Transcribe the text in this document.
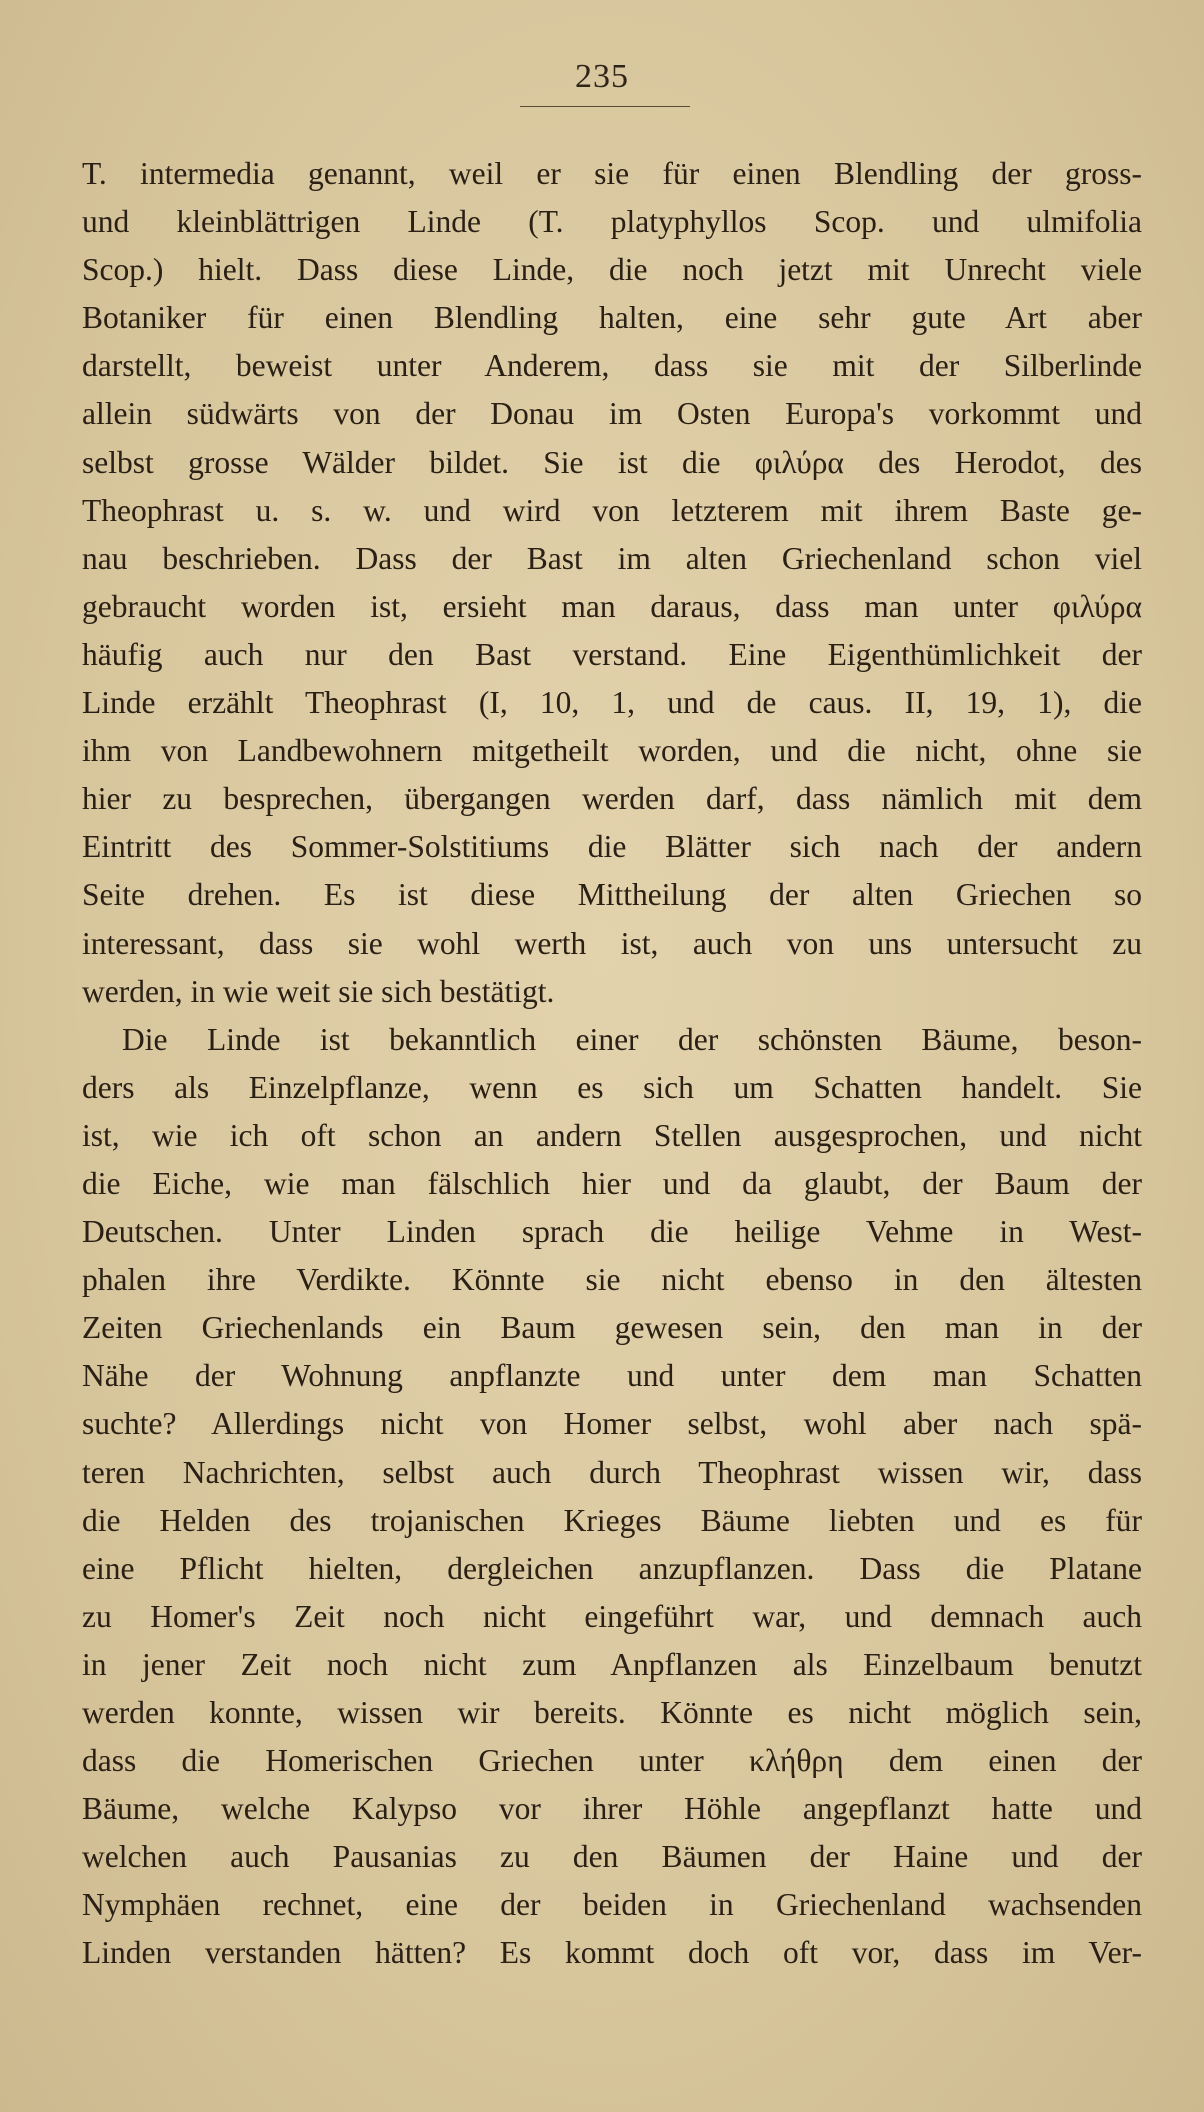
235
T. intermedia genannt, weil er sie für einen Blendling der gross-
und kleinblättrigen Linde (T. platyphyllos Scop. und ulmifolia
Scop.) hielt. Dass diese Linde, die noch jetzt mit Unrecht viele
Botaniker für einen Blendling halten, eine sehr gute Art aber
darstellt, beweist unter Anderem, dass sie mit der Silberlinde
allein südwärts von der Donau im Osten Europa's vorkommt und
selbst grosse Wälder bildet. Sie ist die φιλύρα des Herodot, des
Theophrast u. s. w. und wird von letzterem mit ihrem Baste ge-
nau beschrieben. Dass der Bast im alten Griechenland schon viel
gebraucht worden ist, ersieht man daraus, dass man unter φιλύρα
häufig auch nur den Bast verstand. Eine Eigenthümlichkeit der
Linde erzählt Theophrast (I, 10, 1, und de caus. II, 19, 1), die
ihm von Landbewohnern mitgetheilt worden, und die nicht, ohne sie
hier zu besprechen, übergangen werden darf, dass nämlich mit dem
Eintritt des Sommer-Solstitiums die Blätter sich nach der andern
Seite drehen. Es ist diese Mittheilung der alten Griechen so
interessant, dass sie wohl werth ist, auch von uns untersucht zu
werden, in wie weit sie sich bestätigt.
Die Linde ist bekanntlich einer der schönsten Bäume, beson-
ders als Einzelpflanze, wenn es sich um Schatten handelt. Sie
ist, wie ich oft schon an andern Stellen ausgesprochen, und nicht
die Eiche, wie man fälschlich hier und da glaubt, der Baum der
Deutschen. Unter Linden sprach die heilige Vehme in West-
phalen ihre Verdikte. Könnte sie nicht ebenso in den ältesten
Zeiten Griechenlands ein Baum gewesen sein, den man in der
Nähe der Wohnung anpflanzte und unter dem man Schatten
suchte? Allerdings nicht von Homer selbst, wohl aber nach spä-
teren Nachrichten, selbst auch durch Theophrast wissen wir, dass
die Helden des trojanischen Krieges Bäume liebten und es für
eine Pflicht hielten, dergleichen anzupflanzen. Dass die Platane
zu Homer's Zeit noch nicht eingeführt war, und demnach auch
in jener Zeit noch nicht zum Anpflanzen als Einzelbaum benutzt
werden konnte, wissen wir bereits. Könnte es nicht möglich sein,
dass die Homerischen Griechen unter κλήθρη dem einen der
Bäume, welche Kalypso vor ihrer Höhle angepflanzt hatte und
welchen auch Pausanias zu den Bäumen der Haine und der
Nymphäen rechnet, eine der beiden in Griechenland wachsenden
Linden verstanden hätten? Es kommt doch oft vor, dass im Ver-
